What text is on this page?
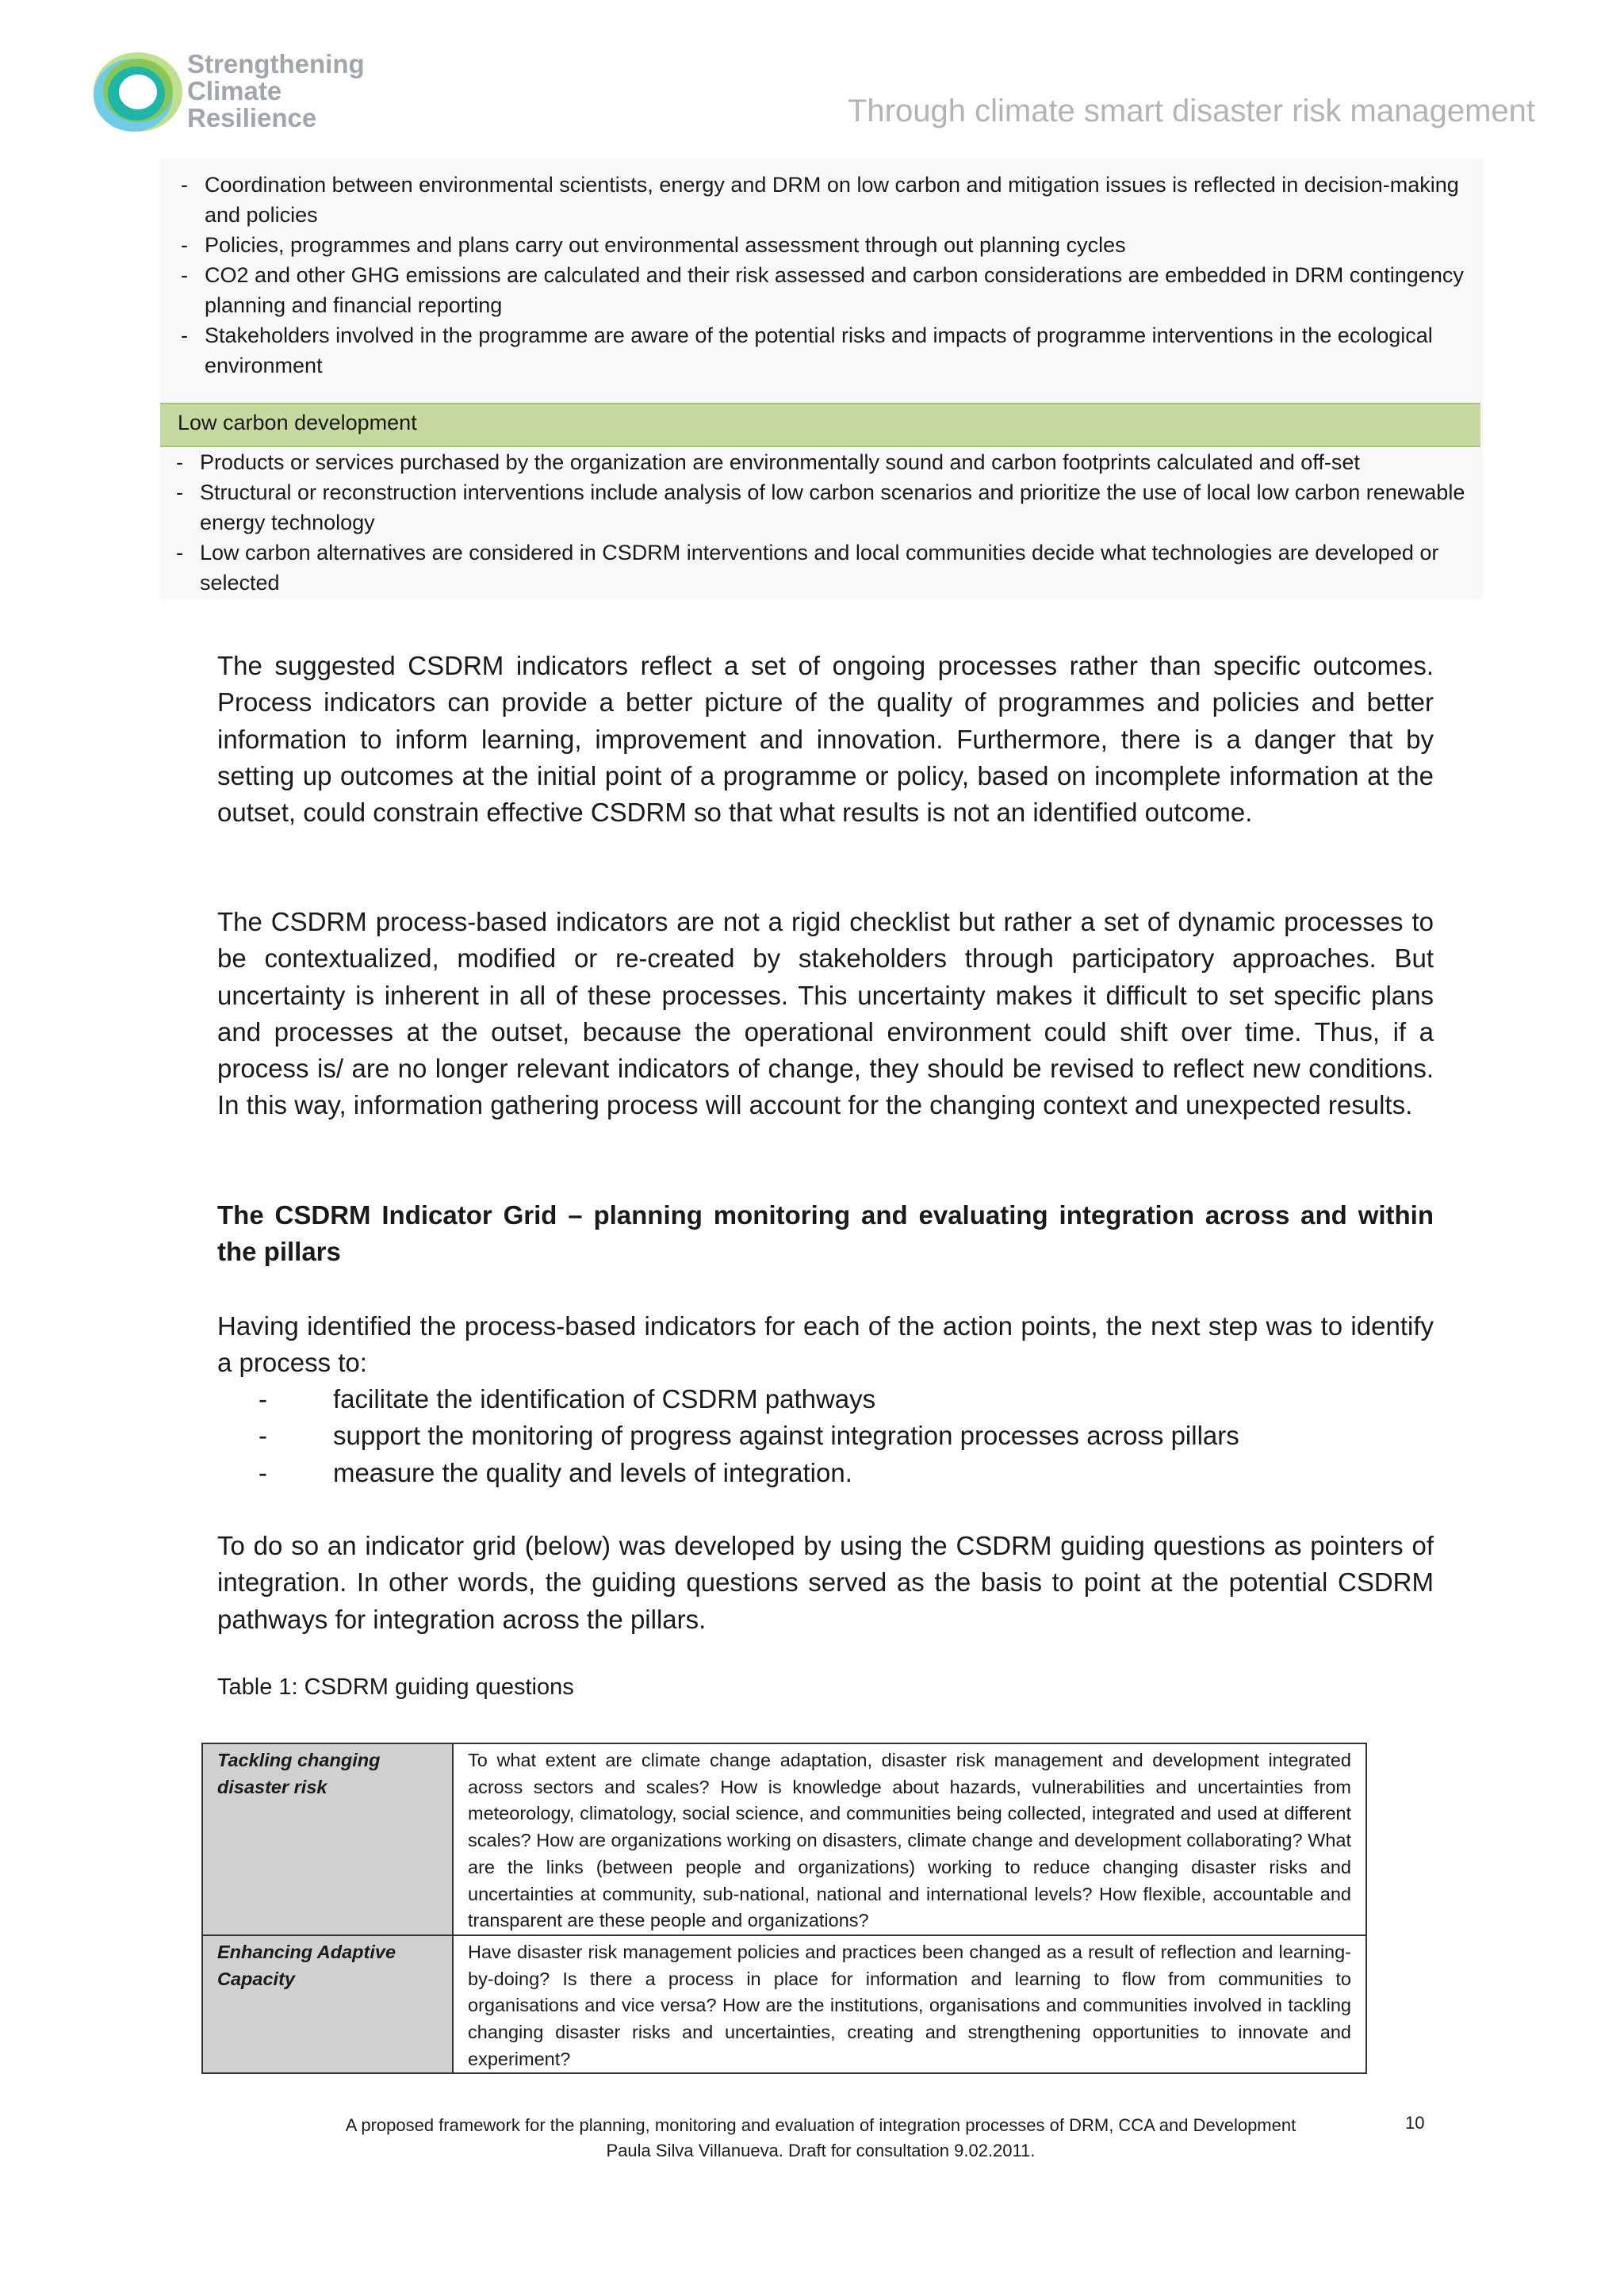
Strengthening
Climate
Resilience	Through climate smart disaster risk management
- Coordination between environmental scientists, energy and DRM on low carbon and mitigation issues is reflected in decision-making and policies
- Policies, programmes and plans carry out environmental assessment through out planning cycles
- CO2 and other GHG emissions are calculated and their risk assessed and carbon considerations are embedded in DRM contingency planning and financial reporting
- Stakeholders involved in the programme are aware of the potential risks and impacts of programme interventions in the ecological environment
Low carbon development
- Products or services purchased by the organization are environmentally sound and carbon footprints calculated and off-set
- Structural or reconstruction interventions include analysis of low carbon scenarios and prioritize the use of local low carbon renewable energy technology
- Low carbon alternatives are considered in CSDRM interventions and local communities decide what technologies are developed or selected
The suggested CSDRM indicators reflect a set of ongoing processes rather than specific outcomes. Process indicators can provide a better picture of the quality of programmes and policies and better information to inform learning, improvement and innovation. Furthermore, there is a danger that by setting up outcomes at the initial point of a programme or policy, based on incomplete information at the outset, could constrain effective CSDRM so that what results is not an identified outcome.
The CSDRM process-based indicators are not a rigid checklist but rather a set of dynamic processes to be contextualized, modified or re-created by stakeholders through participatory approaches. But uncertainty is inherent in all of these processes. This uncertainty makes it difficult to set specific plans and processes at the outset, because the operational environment could shift over time. Thus, if a process is/ are no longer relevant indicators of change, they should be revised to reflect new conditions. In this way, information gathering process will account for the changing context and unexpected results.
The CSDRM Indicator Grid – planning monitoring and evaluating integration across and within the pillars
Having identified the process-based indicators for each of the action points, the next step was to identify a process to:
-	facilitate the identification of CSDRM pathways
-	support the monitoring of progress against integration processes across pillars
-	measure the quality and levels of integration.
To do so an indicator grid (below) was developed by using the CSDRM guiding questions as pointers of integration. In other words, the guiding questions served as the basis to point at the potential CSDRM pathways for integration across the pillars.
Table 1: CSDRM guiding questions
Tackling changing disaster risk	To what extent are climate change adaptation, disaster risk management and development integrated across sectors and scales? How is knowledge about hazards, vulnerabilities and uncertainties from meteorology, climatology, social science, and communities being collected, integrated and used at different scales? How are organizations working on disasters, climate change and development collaborating? What are the links (between people and organizations) working to reduce changing disaster risks and uncertainties at community, sub-national, national and international levels? How flexible, accountable and transparent are these people and organizations?
Enhancing Adaptive Capacity	Have disaster risk management policies and practices been changed as a result of reflection and learning-by-doing? Is there a process in place for information and learning to flow from communities to organisations and vice versa? How are the institutions, organisations and communities involved in tackling changing disaster risks and uncertainties, creating and strengthening opportunities to innovate and experiment?
A proposed framework for the planning, monitoring and evaluation of integration processes of DRM, CCA and Development
Paula Silva Villanueva. Draft for consultation 9.02.2011.
10
